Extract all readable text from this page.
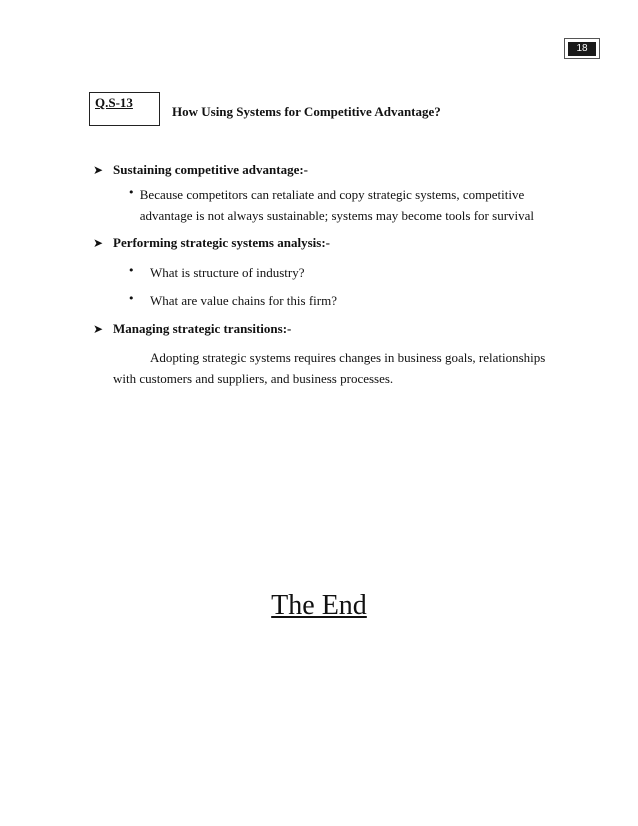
18
Q.S-13
How Using Systems for Competitive Advantage?
➤ Sustaining competitive advantage:-
• Because competitors can retaliate and copy strategic systems, competitive advantage is not always sustainable; systems may become tools for survival
➤ Performing strategic systems analysis:-
•	What is structure of industry?
•	What are value chains for this firm?
➤ Managing strategic transitions:-
Adopting strategic systems requires changes in business goals, relationships with customers and suppliers, and business processes.
The End
